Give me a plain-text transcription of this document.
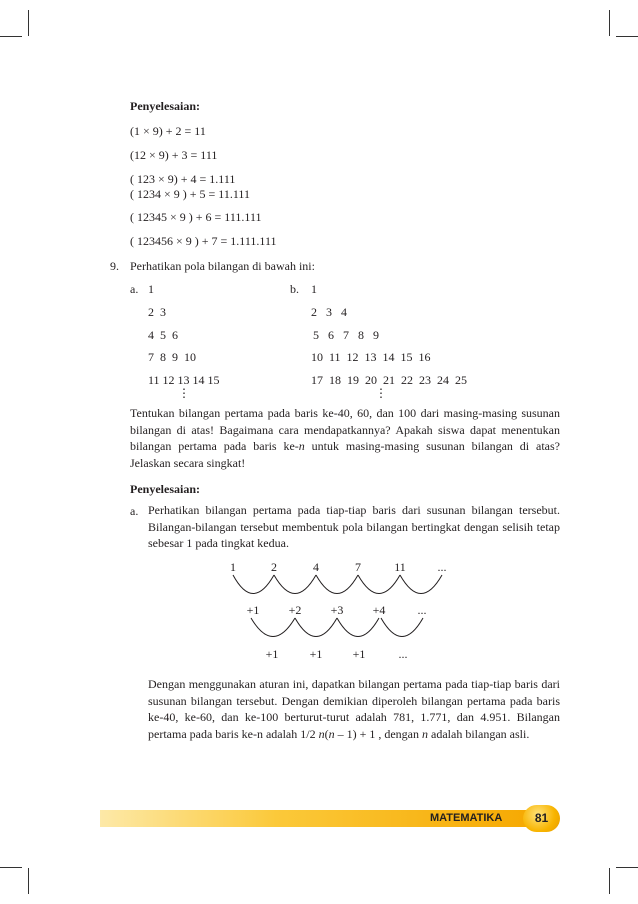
Penyelesaian:
(1 × 9) + 2 = 11
(12 × 9) + 3 = 111
( 123 × 9) + 4 = 1.111
( 1234 × 9 ) + 5 = 11.111
( 12345 × 9 ) + 6 = 111.111
( 123456 × 9 ) + 7 = 1.111.111
9. Perhatikan pola bilangan di bawah ini:
a. 1
2  3
4  5  6
7  8  9  10
11 12 13 14 15
⋮
b. 1
2   3   4
5   6   7   8   9
10  11  12  13  14  15  16
17  18  19  20  21  22  23  24  25
⋮
Tentukan bilangan pertama pada baris ke-40, 60, dan 100 dari masing-masing susunan bilangan di atas! Bagaimana cara mendapatkannya? Apakah siswa dapat menentukan bilangan pertama pada baris ke-n untuk masing-masing susunan bilangan di atas? Jelaskan secara singkat!
Penyelesaian:
a. Perhatikan bilangan pertama pada tiap-tiap baris dari susunan bilangan tersebut. Bilangan-bilangan tersebut membentuk pola bilangan bertingkat dengan selisih tetap sebesar 1 pada tingkat kedua.
1	2	4	7	11	...
+1 +2 +3 +4	...
+1	+1	+1	...
Dengan menggunakan aturan ini, dapatkan bilangan pertama pada tiap-tiap baris dari susunan bilangan tersebut. Dengan demikian diperoleh bilangan pertama pada baris ke-40, ke-60, dan ke-100 berturut-turut adalah 781, 1.771, dan 4.951. Bilangan pertama pada baris ke-n adalah 1/2 n(n – 1) + 1 , dengan n adalah bilangan asli.
MATEMATIKA	81
